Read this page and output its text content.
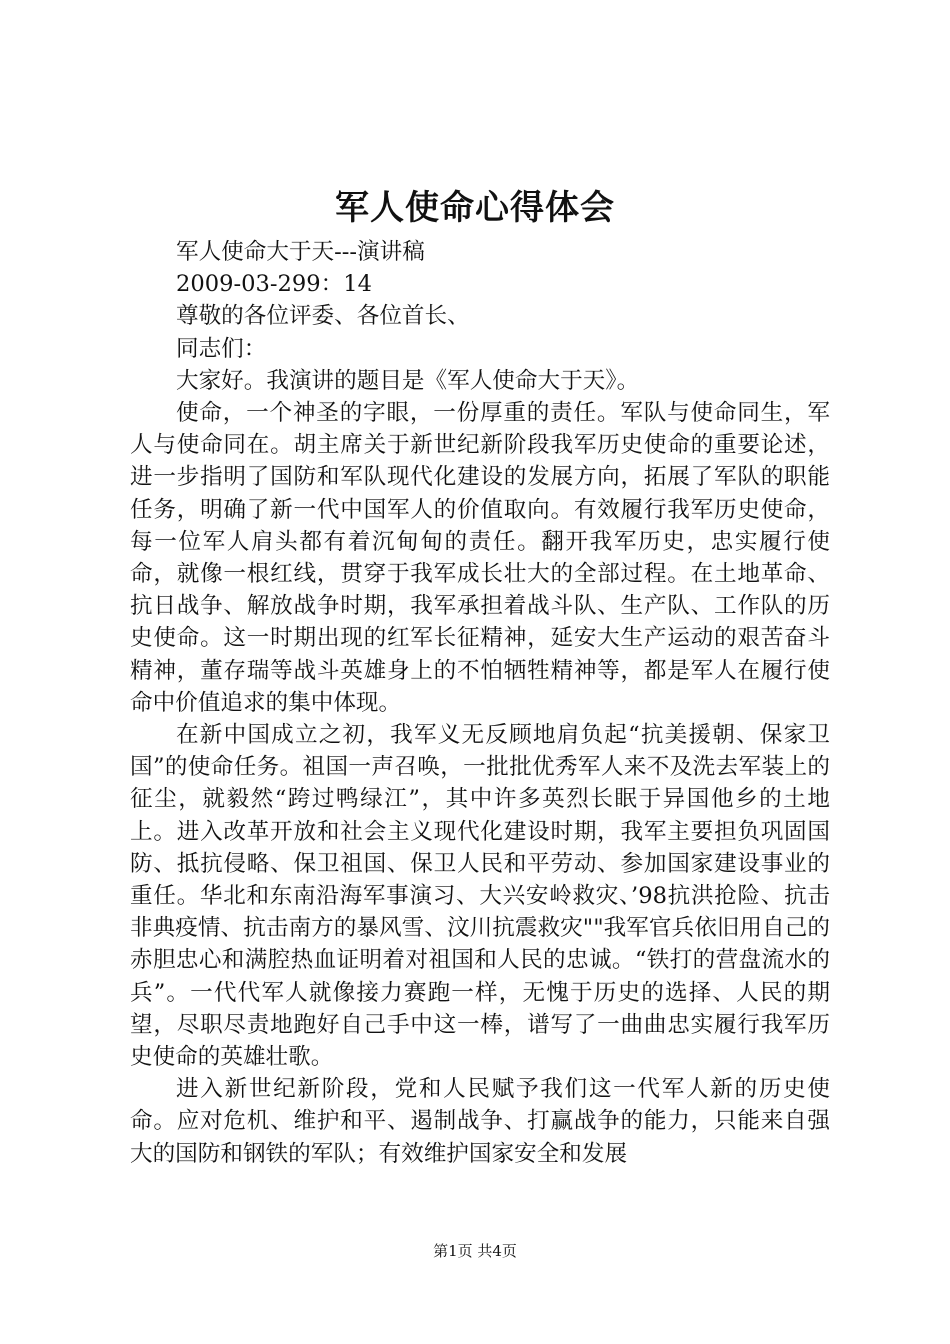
军人使命心得体会

军人使命大于天---演讲稿

2009-03-299：14

尊敬的各位评委、各位首长、

同志们：

大家好。我演讲的题目是《军人使命大于天》。

使命，一个神圣的字眼，一份厚重的责任。军队与使命同生，军人与使命同在。胡主席关于新世纪新阶段我军历史使命的重要论述，进一步指明了国防和军队现代化建设的发展方向，拓展了军队的职能任务，明确了新一代中国军人的价值取向。有效履行我军历史使命，每一位军人肩头都有着沉甸甸的责任。翻开我军历史，忠实履行使命，就像一根红线，贯穿于我军成长壮大的全部过程。在土地革命、抗日战争、解放战争时期，我军承担着战斗队、生产队、工作队的历史使命。这一时期出现的红军长征精神，延安大生产运动的艰苦奋斗精神，董存瑞等战斗英雄身上的不怕牺牲精神等，都是军人在履行使命中价值追求的集中体现。

在新中国成立之初，我军义无反顾地肩负起“抗美援朝、保家卫国”的使命任务。祖国一声召唤，一批批优秀军人来不及洗去军装上的征尘，就毅然“跨过鸭绿江”，其中许多英烈长眠于异国他乡的土地上。进入改革开放和社会主义现代化建设时期，我军主要担负巩固国防、抵抗侵略、保卫祖国、保卫人民和平劳动、参加国家建设事业的重任。华北和东南沿海军事演习、大兴安岭救灾、’98抗洪抢险、抗击非典疫情、抗击南方的暴风雪、汶川抗震救灾""我军官兵依旧用自己的赤胆忠心和满腔热血证明着对祖国和人民的忠诚。“铁打的营盘流水的兵”。一代代军人就像接力赛跑一样，无愧于历史的选择、人民的期望，尽职尽责地跑好自己手中这一棒，谱写了一曲曲忠实履行我军历史使命的英雄壮歌。

进入新世纪新阶段，党和人民赋予我们这一代军人新的历史使命。应对危机、维护和平、遏制战争、打赢战争的能力，只能来自强大的国防和钢铁的军队；有效维护国家安全和发展

第1页 共4页
